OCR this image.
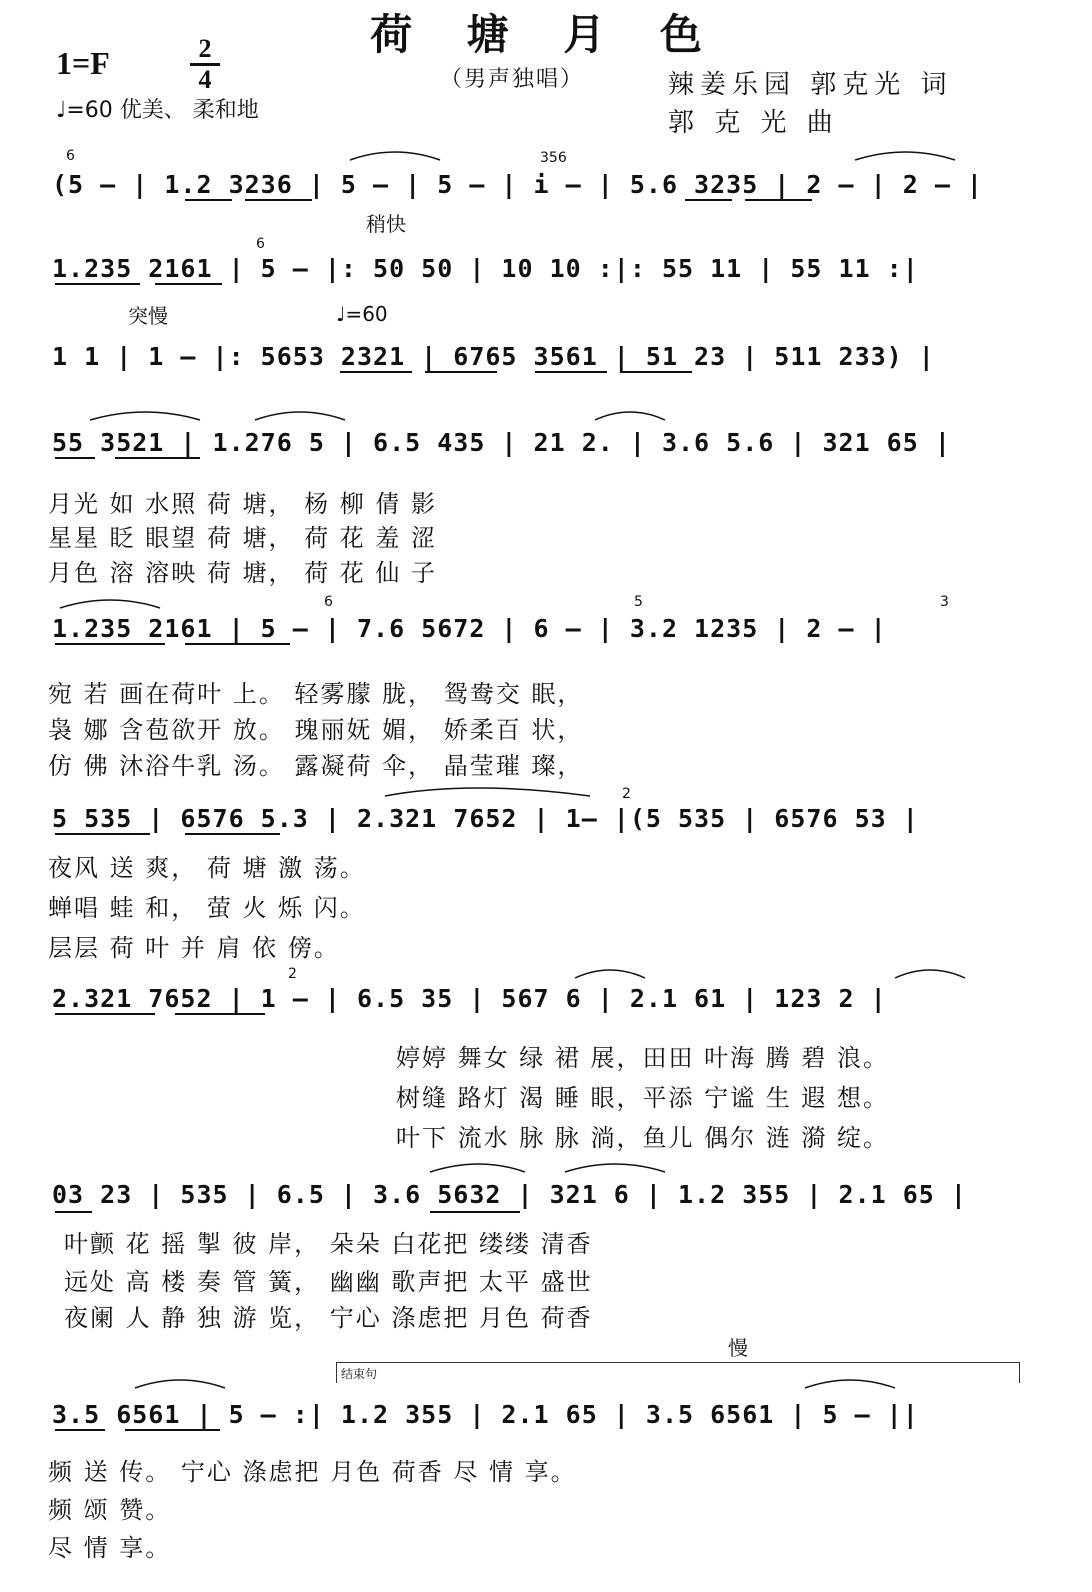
荷 塘 月 色
1=F	2
4
♩=60 优美、 柔和地
（男声独唱）	辣姜乐园 郭克光 词
郭 克 光 曲
6	356
(5 – | 1.2 3236 | 5 – | 5 – | i – | 5.6 3235 | 2 – | 2 – |
稍快
6
1.235 2161 | 5 – |: 50 50 | 10 10 :|: 55 11 | 55 11 :|
突慢	♩=60
1 1 | 1 – |: 5653 2321 | 6765 3561 | 51 23 | 511 233) |
55 3521 | 1.276 5 | 6.5 435 | 21 2. | 3.6 5.6 | 321 65 |
月光 如 水照 荷 塘， 杨 柳 倩 影
星星 眨 眼望 荷 塘， 荷 花 羞 涩
月色 溶 溶映 荷 塘， 荷 花 仙 子
6	5	3
1.235 2161 | 5 – | 7.6 5672 | 6 – | 3.2 1235 | 2 – |
宛 若 画在荷叶 上。 轻雾朦 胧， 鸳鸯交 眠，
袅 娜 含苞欲开 放。 瑰丽妩 媚， 娇柔百 状，
仿 佛 沐浴牛乳 汤。 露凝荷 伞， 晶莹璀 璨，
2
5 535 | 6576 5.3 | 2.321 7652 | 1– |(5 535 | 6576 53 |
夜风 送 爽， 荷 塘 激 荡。
蝉唱 蛙 和， 萤 火 烁 闪。
层层 荷 叶 并 肩 依 傍。
2
2.321 7652 | 1 – | 6.5 35 | 567 6 | 2.1 61 | 123 2 |
婷婷 舞女 绿 裙 展，田田 叶海 腾 碧 浪。
树缝 路灯 渴 睡 眼，平添 宁谧 生 遐 想。
叶下 流水 脉 脉 淌，鱼儿 偶尔 涟 漪 绽。
03 23 | 535 | 6.5 | 3.6 5632 | 321 6 | 1.2 355 | 2.1 65 |
叶颤 花 摇 掣 彼 岸， 朵朵 白花把 缕缕 清香
远处 高 楼 奏 管 簧， 幽幽 歌声把 太平 盛世
夜阑 人 静 独 游 览， 宁心 涤虑把 月色 荷香
慢
结束句
3.5 6561 | 5 – :| 1.2 355 | 2.1 65 | 3.5 6561 | 5 – ||
频 送 传。 宁心 涤虑把 月色 荷香 尽 情 享。
频 颂 赞。
尽 情 享。
